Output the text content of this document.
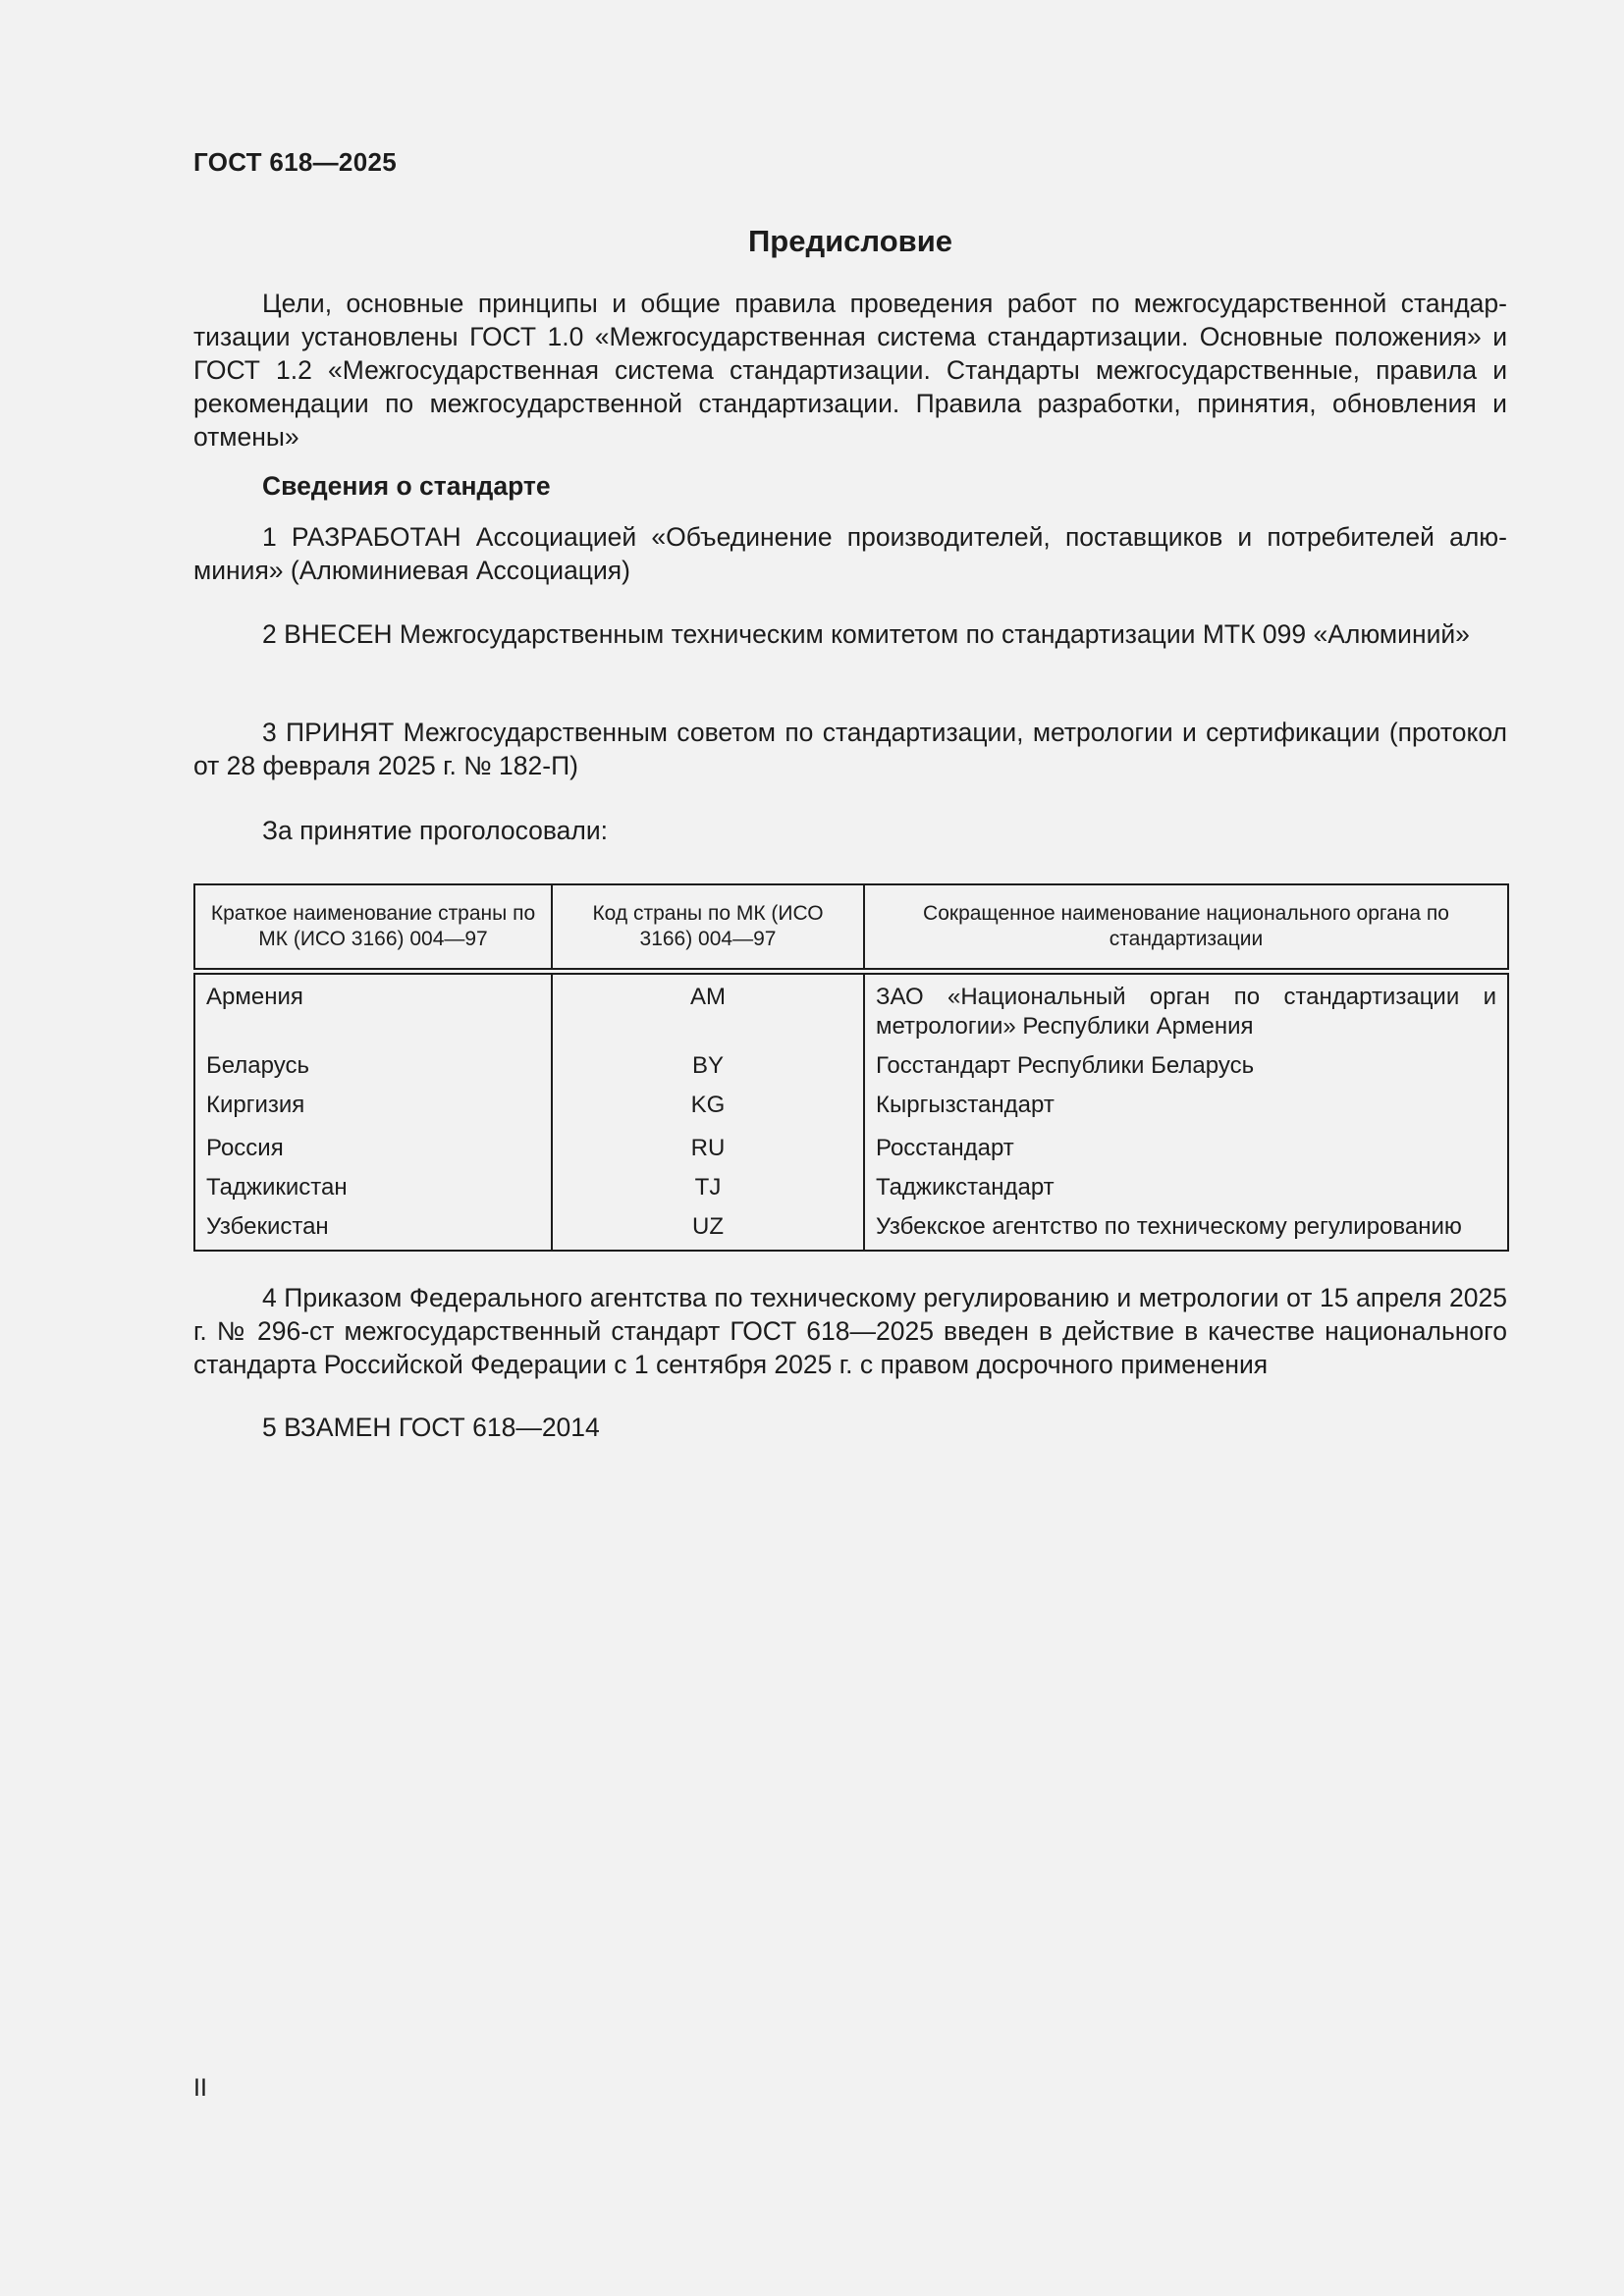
ГОСТ 618—2025
Предисловие

Цели, основные принципы и общие правила проведения работ по межгосударственной стандартизации установлены ГОСТ 1.0 «Межгосударственная система стандартизации. Основные положения» и ГОСТ 1.2 «Межгосударственная система стандартизации. Стандарты межгосударственные, правила и рекомендации по межгосударственной стандартизации. Правила разработки, принятия, обновления и отмены»

Сведения о стандарте

1 РАЗРАБОТАН Ассоциацией «Объединение производителей, поставщиков и потребителей алюминия» (Алюминиевая Ассоциация)

2 ВНЕСЕН Межгосударственным техническим комитетом по стандартизации МТК 099 «Алюминий»

3 ПРИНЯТ Межгосударственным советом по стандартизации, метрологии и сертификации (протокол от 28 февраля 2025 г. № 182-П)

За принятие проголосовали:

Краткое наименование страны по МК (ИСО 3166) 004—97	Код страны по МК (ИСО 3166) 004—97	Сокращенное наименование национального органа по стандартизации
Армения	AM	ЗАО «Национальный орган по стандартизации и метрологии» Республики Армения
Беларусь	BY	Госстандарт Республики Беларусь
Киргизия	KG	Кыргызстандарт
Россия	RU	Росстандарт
Таджикистан	TJ	Таджикстандарт
Узбекистан	UZ	Узбекское агентство по техническому регулированию

4 Приказом Федерального агентства по техническому регулированию и метрологии от 15 апреля 2025 г. № 296-ст межгосударственный стандарт ГОСТ 618—2025 введен в действие в качестве национального стандарта Российской Федерации с 1 сентября 2025 г. с правом досрочного применения

5 ВЗАМЕН ГОСТ 618—2014

II
